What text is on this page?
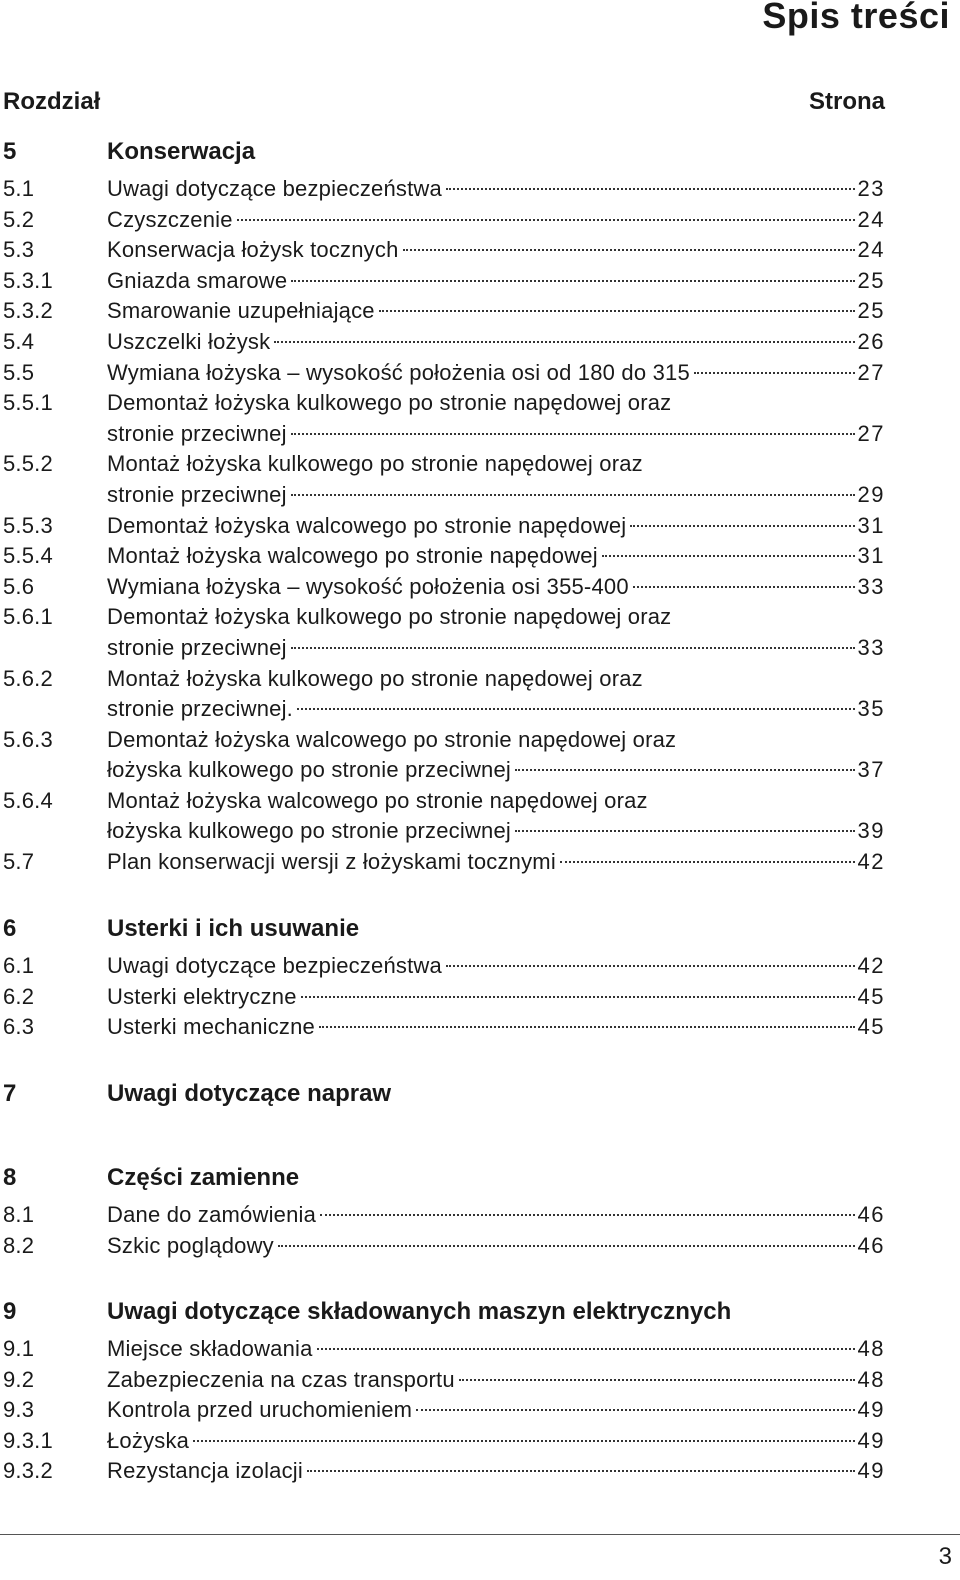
Spis treści
Rozdział	Strona
5	Konserwacja
5.1	Uwagi dotyczące bezpieczeństwa	23
5.2	Czyszczenie	24
5.3	Konserwacja łożysk tocznych	24
5.3.1 Gniazda smarowe	25
5.3.2 Smarowanie uzupełniające	25
5.4	Uszczelki łożysk	26
5.5	Wymiana łożyska – wysokość położenia osi od 180 do 315	27
5.5.1 Demontaż łożyska kulkowego po stronie napędowej oraz
stronie przeciwnej	27
5.5.2 Montaż łożyska kulkowego po stronie napędowej oraz
stronie przeciwnej	29
5.5.3 Demontaż łożyska walcowego po stronie napędowej	31
5.5.4 Montaż łożyska walcowego po stronie napędowej	31
5.6	Wymiana łożyska – wysokość położenia osi 355-400	33
5.6.1 Demontaż łożyska kulkowego po stronie napędowej oraz
stronie przeciwnej	33
5.6.2 Montaż łożyska kulkowego po stronie napędowej oraz
stronie przeciwnej.	35
5.6.3 Demontaż łożyska walcowego po stronie napędowej oraz
łożyska kulkowego po stronie przeciwnej	37
5.6.4 Montaż łożyska walcowego po stronie napędowej oraz
łożyska kulkowego po stronie przeciwnej	39
5.7	Plan konserwacji wersji z łożyskami tocznymi	42
6	Usterki i ich usuwanie
6.1	Uwagi dotyczące bezpieczeństwa	42
6.2	Usterki elektryczne	45
6.3	Usterki mechaniczne	45
7	Uwagi dotyczące napraw
8	Części zamienne
8.1	Dane do zamówienia	46
8.2	Szkic poglądowy	46
9	Uwagi dotyczące składowanych maszyn elektrycznych
9.1	Miejsce składowania	48
9.2	Zabezpieczenia na czas transportu	48
9.3	Kontrola przed uruchomieniem	49
9.3.1 Łożyska	49
9.3.2 Rezystancja izolacji	49
3
